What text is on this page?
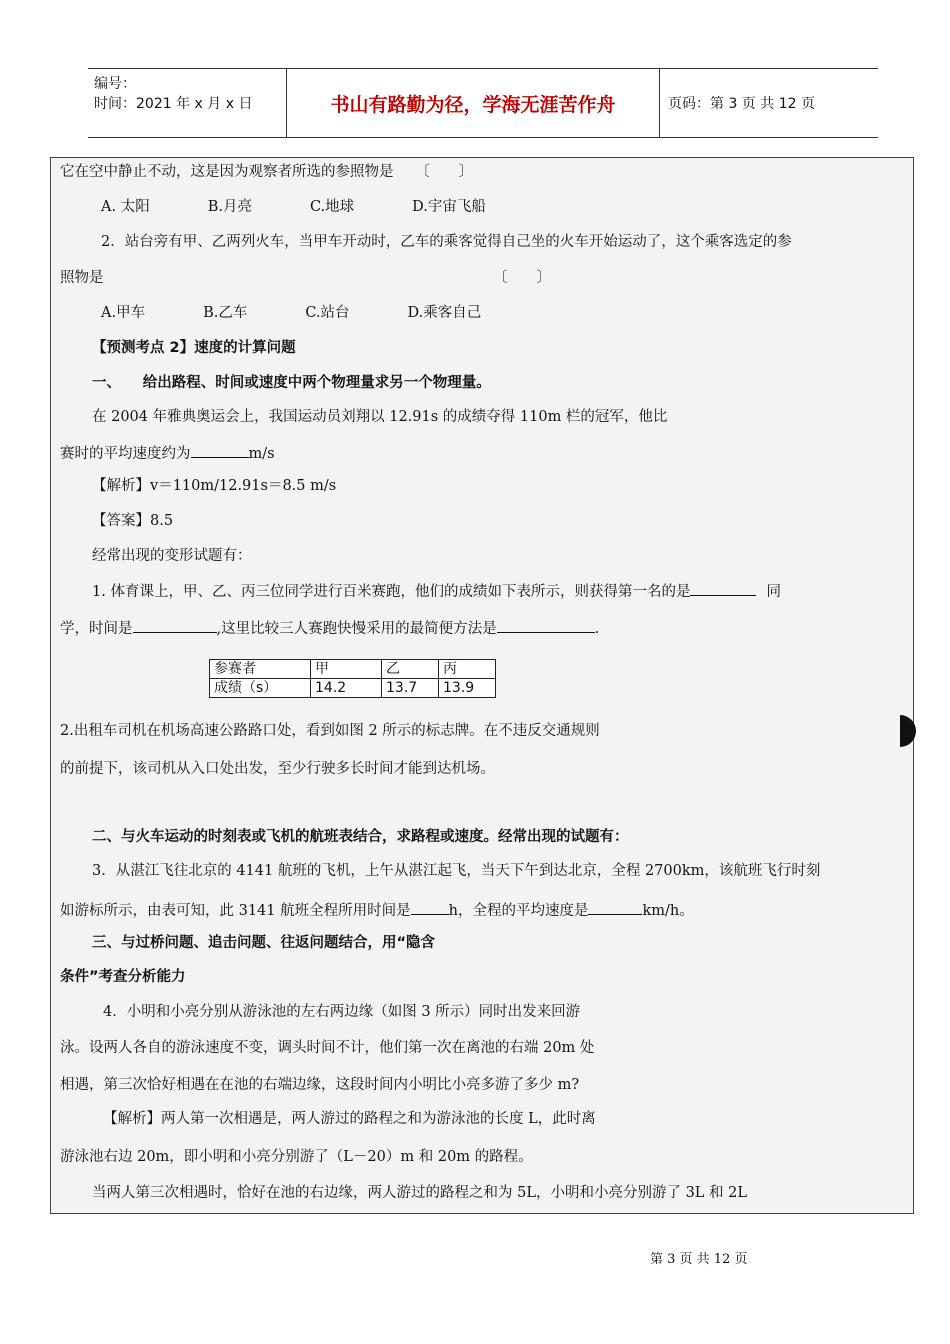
编号：
时间：2021 年 x 月 x 日	书山有路勤为径，学海无涯苦作舟	页码：第 3 页 共 12 页
它在空中静止不动，这是因为观察者所选的参照物是　　〔　　〕
A. 太阳　　　　B.月亮　　　　C.地球　　　　D.宇宙飞船
2．站台旁有甲、乙两列火车，当甲车开动时，乙车的乘客觉得自己坐的火车开始运动了，这个乘客选定的参
照物是	〔　　〕
A.甲车　　　　B.乙车　　　　C.站台　　　　D.乘客自己
【预测考点 2】速度的计算问题
一、　　给出路程、时间或速度中两个物理量求另一个物理量。
在 2004 年雅典奥运会上，我国运动员刘翔以 12.91s 的成绩夺得 110m 栏的冠军，他比
赛时的平均速度约为	m/s
【解析】v＝110m/12.91s＝8.5 m/s
【答案】8.5
经常出现的变形试题有：
1. 体育课上，甲、乙、丙三位同学进行百米赛跑，他们的成绩如下表所示，则获得第一名的是	同
学，时间是	,这里比较三人赛跑快慢采用的最简便方法是	.
参赛者	甲	乙	丙
成绩（s）	14.2	13.7	13.9
2.出租车司机在机场高速公路路口处，看到如图 2 所示的标志牌。在不违反交通规则
的前提下，该司机从入口处出发，至少行驶多长时间才能到达机场。
二、与火车运动的时刻表或飞机的航班表结合，求路程或速度。经常出现的试题有：
3．从湛江飞往北京的 4141 航班的飞机，上午从湛江起飞，当天下午到达北京，全程 2700km，该航班飞行时刻
如游标所示，由表可知，此 3141 航班全程所用时间是	h，全程的平均速度是	km/h。
三、与过桥问题、追击问题、往返问题结合，用“隐含
条件”考查分析能力
4．小明和小亮分别从游泳池的左右两边缘（如图 3 所示）同时出发来回游
泳。设两人各自的游泳速度不变，调头时间不计，他们第一次在离池的右端 20m 处
相遇，第三次恰好相遇在在池的右端边缘，这段时间内小明比小亮多游了多少 m?
【解析】两人第一次相遇是，两人游过的路程之和为游泳池的长度 L，此时离
游泳池右边 20m，即小明和小亮分别游了（L－20）m 和 20m 的路程。
当两人第三次相遇时，恰好在池的右边缘，两人游过的路程之和为 5L，小明和小亮分别游了 3L 和 2L
第 3 页 共 12 页
